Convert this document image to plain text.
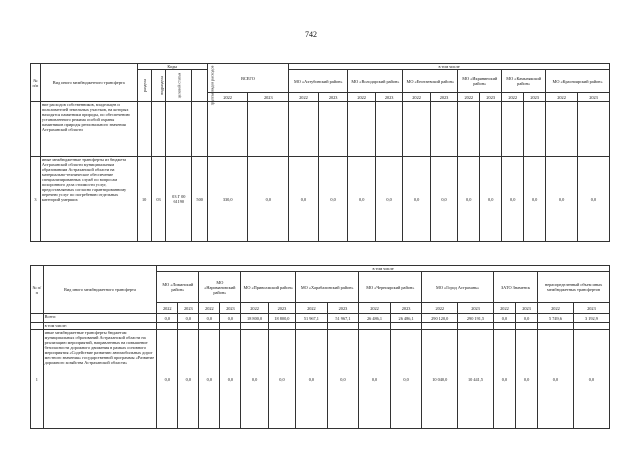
742
№ п/п	Вид иного межбюджетного трансферта	Коды				ВСЕГО		в том числе											
		раздела	подраздела	целевой статьи	группы видов расходов			МО «Ахтубинский район»		МО «Володарский район»		МО «Енотаевский район»		МО «Икрянинский район»		МО «Камызякский район»		МО «Красноярский район»	
						2022	2023	2022	2023	2022	2023	2022	2023	2022	2023	2022	2023	2022	2023
	ние расходов собственников, владельцев и пользователей земельных участков, на которых находятся памятники природы, по обеспечению установленного режима особой охраны памятников природы регионального значения Астраханской области																		
3	иные межбюджетные трансферты из бюджета Астраханской области муниципальным образованиям Астраханской области на материально-техническое обеспечение специализированных служб по вопросам похоронного дела стоимости услуг, предоставляемых согласно гарантированному перечню услуг по погребению отдельных категорий умерших	10	03	03 Г 00 61190	500	330,0	0,0	0,0	0,0	0,0	0,0	0,0	0,0	0,0	0,0	0,0	0,0	0,0	0,0
№ п/п	Вид иного межбюджетного трансферта	в том числе															
		МО «Лиманский район»		МО «Наримановский район»		МО «Приволжский район»		МО «Харабалинский район»		МО «Черноярский район»		МО «Город Астрахань»		ЗАТО Знаменск		нераспределенный объем иных межбюджетных трансфертов	
		2022	2023	2022	2023	2022	2023	2022	2023	2022	2023	2022	2023	2022	2023	2022	2023
	Всего:	0,0	0,0	0,0	0,0	18 800,0	18 800,0	51 967,1	51 967,1	26 486,1	26 486,1	290 120,0	290 191,5	0,0	0,0	5 749,6	3 192,9
	в том числе:																
1	иные межбюджетные трансферты бюджетам муниципальных образований Астраханской области на реализацию мероприятий, направленных на повышение безопасности дорожного движения в рамках основного мероприятия «Содействие развитию автомобильных дорог местного значения» государственной программы «Развитие дорожного хозяйства Астраханской области»	0,0	0,0	0,0	0,0	0,0	0,0	0,0	0,0	0,0	0,0	10 040,0	10 441,5	0,0	0,0	0,0	0,0
